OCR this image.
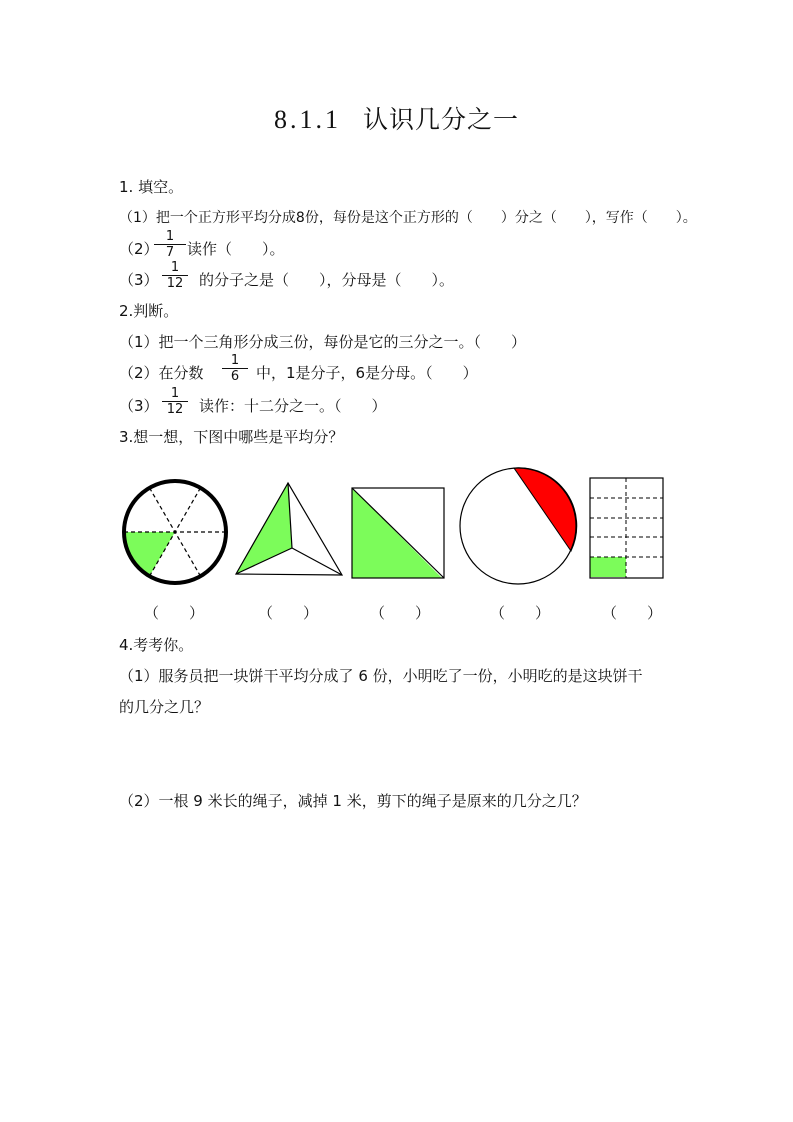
8.1.1 认识几分之一
1. 填空。
（1）把一个正方形平均分成8份，每份是这个正方形的（　　）分之（　　），写作（　　）。
（2）
1
7 读作（　　）。
（3）
1
12	的分子之是（　　），分母是（　　）。
2.判断。
（1）把一个三角形分成三份，每份是它的三分之一。（　　）
（2）在分数
1
6	中，1是分子，6是分母。（　　）
（3）
1
12	读作：十二分之一。（　　）
3.想一想，下图中哪些是平均分？
（　　）	（　　）	（　　）	（　　）	（　　）
4.考考你。
（1）服务员把一块饼干平均分成了 6 份，小明吃了一份，小明吃的是这块饼干
的几分之几？
（2）一根 9 米长的绳子，减掉 1 米，剪下的绳子是原来的几分之几？
